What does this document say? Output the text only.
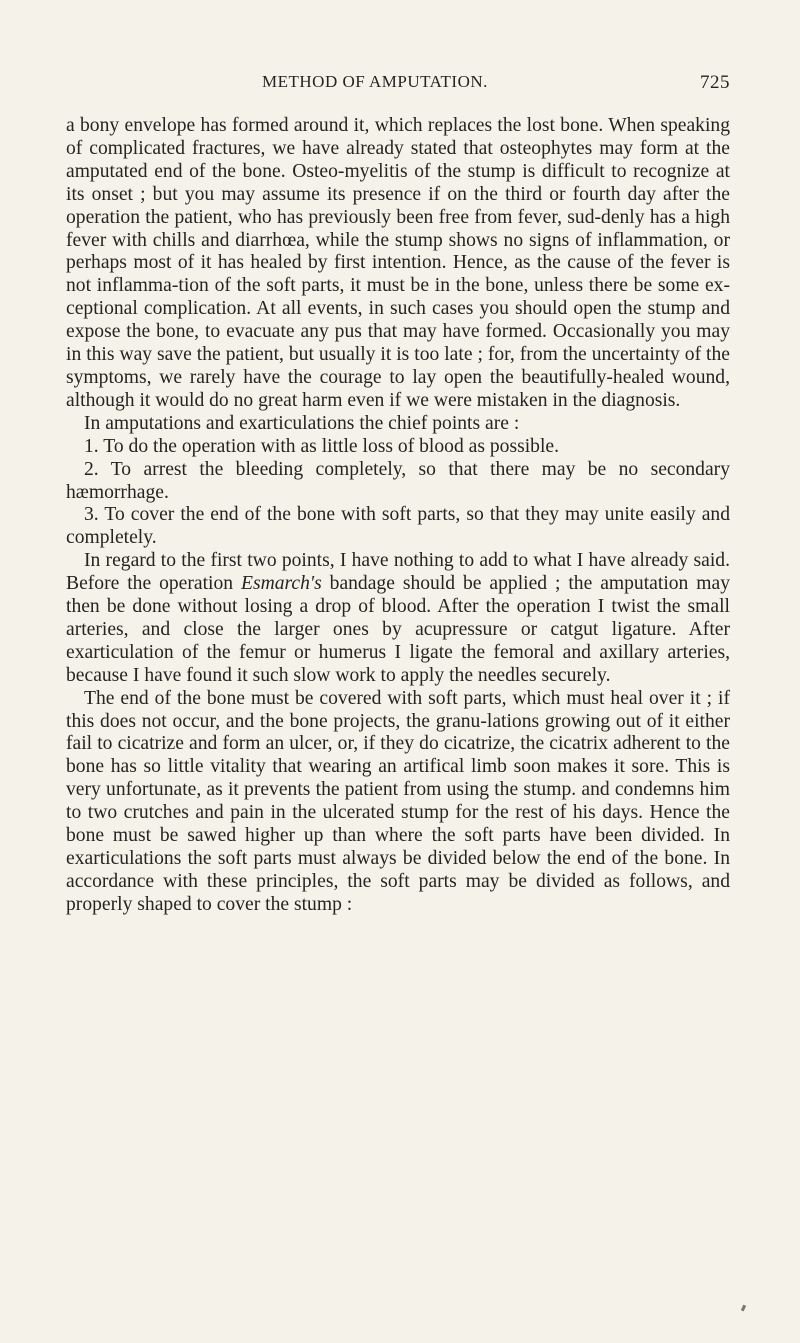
METHOD OF AMPUTATION.	725

a bony envelope has formed around it, which replaces the lost bone. When speaking of complicated fractures, we have already stated that osteophytes may form at the amputated end of the bone. Osteo-myelitis of the stump is difficult to recognize at its onset ; but you may assume its presence if on the third or fourth day after the operation the patient, who has previously been free from fever, sud-denly has a high fever with chills and diarrhœa, while the stump shows no signs of inflammation, or perhaps most of it has healed by first intention. Hence, as the cause of the fever is not inflamma-tion of the soft parts, it must be in the bone, unless there be some ex-ceptional complication. At all events, in such cases you should open the stump and expose the bone, to evacuate any pus that may have formed. Occasionally you may in this way save the patient, but usually it is too late ; for, from the uncertainty of the symptoms, we rarely have the courage to lay open the beautifully-healed wound, although it would do no great harm even if we were mistaken in the diagnosis.

In amputations and exarticulations the chief points are :

1. To do the operation with as little loss of blood as possible.

2. To arrest the bleeding completely, so that there may be no secondary hæmorrhage.

3. To cover the end of the bone with soft parts, so that they may unite easily and completely.

In regard to the first two points, I have nothing to add to what I have already said. Before the operation Esmarch's bandage should be applied ; the amputation may then be done without losing a drop of blood. After the operation I twist the small arteries, and close the larger ones by acupressure or catgut ligature. After exarticulation of the femur or humerus I ligate the femoral and axillary arteries, because I have found it such slow work to apply the needles securely.

The end of the bone must be covered with soft parts, which must heal over it ; if this does not occur, and the bone projects, the granu-lations growing out of it either fail to cicatrize and form an ulcer, or, if they do cicatrize, the cicatrix adherent to the bone has so little vitality that wearing an artifical limb soon makes it sore. This is very unfortunate, as it prevents the patient from using the stump. and condemns him to two crutches and pain in the ulcerated stump for the rest of his days. Hence the bone must be sawed higher up than where the soft parts have been divided. In exarticulations the soft parts must always be divided below the end of the bone. In accordance with these principles, the soft parts may be divided as follows, and properly shaped to cover the stump :
